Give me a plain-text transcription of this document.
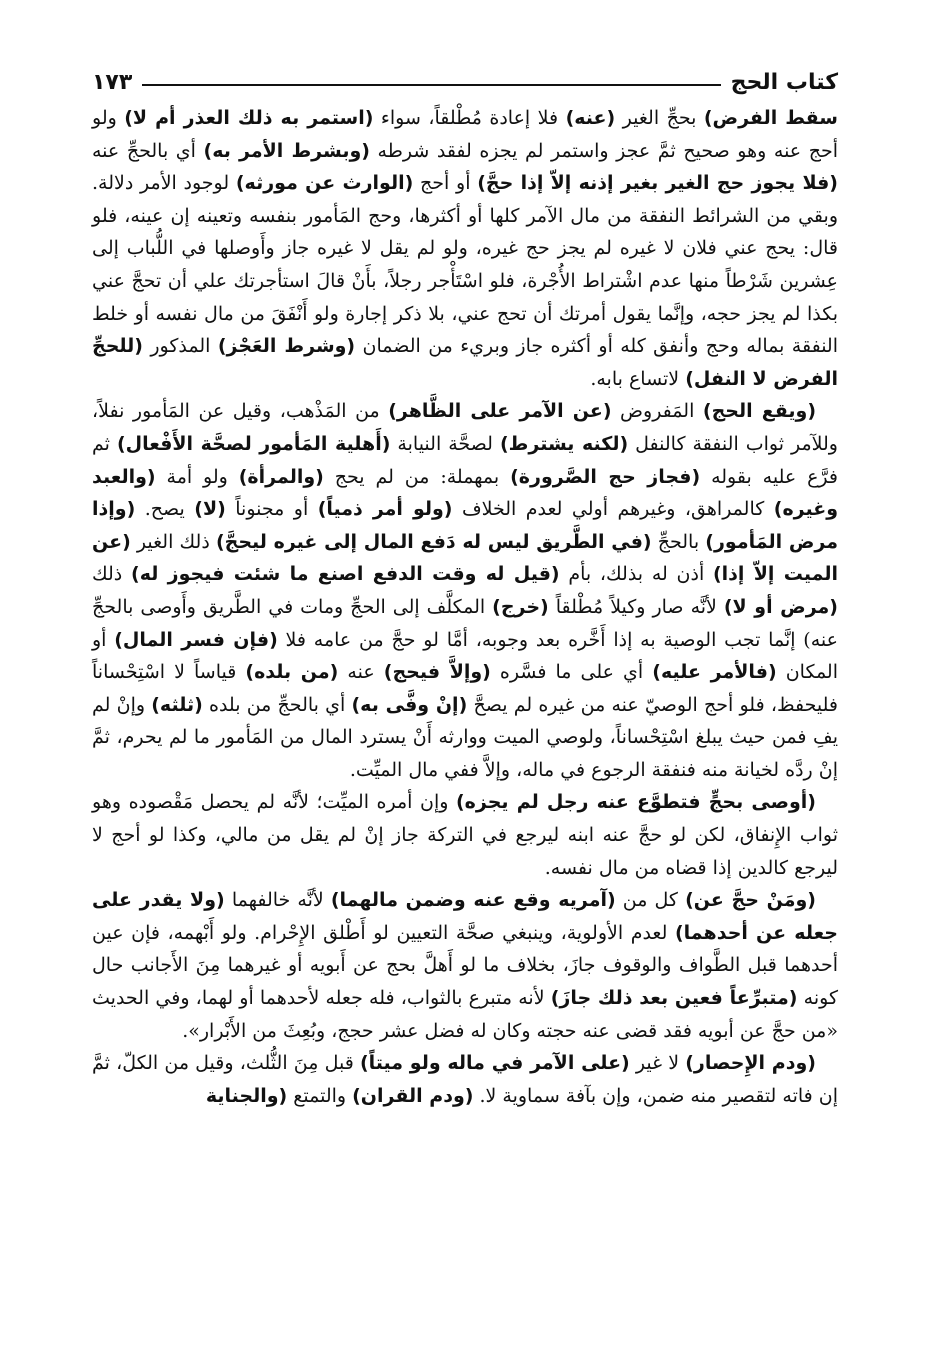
كتاب الحج
١٧٣

سقط الفرض) بحجِّ الغير (عنه) فلا إعادة مُطْلقاً، سواء (استمر به ذلك العذر أم لا) ولو أحج عنه وهو صحيح ثمَّ عجز واستمر لم يجزه لفقد شرطه (وبشرط الأمر به) أي بالحجِّ عنه (فلا يجوز حج الغير بغير إذنه إلاّ إذا حجَّ) أو أحج (الوارث عن مورثه) لوجود الأمر دلالة. وبقي من الشرائط النفقة من مال الآمر كلها أو أكثرها، وحج المَأمور بنفسه وتعينه إن عينه، فلو قال: يحج عني فلان لا غيره لم يجز حج غيره، ولو لم يقل لا غيره جاز وأَوصلها في اللُّباب إلى عِشرين شَرْطاً منها عدم اشْتراط الأُجْرة، فلو اسْتَأْجر رجلاً، بأَنْ قالَ استأجرتك علي أن تحجَّ عني بكذا لم يجز حجه، وإنَّما يقول أمرتك أن تحج عني، بلا ذكر إجارة ولو أَنْفَقَ من مال نفسه أو خلط النفقة بماله وحج وأنفق كله أو أكثره جاز وبريء من الضمان (وشرط العَجْز) المذكور (للحجِّ الفرض لا النفل) لاتساع بابه.

(ويقع الحج) المَفروض (عن الآمر على الظَّاهر) من المَذْهب، وقيل عن المَأمور نفلاً، وللآمر ثواب النفقة كالنفل (لكنه يشترط) لصحَّة النيابة (أَهلية المَأمور لصحَّة الأَفْعال) ثم فرَّع عليه بقوله (فجاز حج الصَّرورة) بمهملة: من لم يحج (والمرأة) ولو أمة (والعبد وغيره) كالمراهق، وغيرهم أولي لعدم الخلاف (ولو أمر ذمياً) أو مجنوناً (لا) يصح. (وإذا مرض المَأمور) بالحجِّ (في الطَّريق ليس له دَفع المال إلى غيره ليحجَّ) ذلك الغير (عن الميت إلاّ إذا) أذن له بذلك، بأم (قيل له وقت الدفع اصنع ما شئت فيجوز له) ذلك (مرض أو لا) لأنَّه صار وكيلاً مُطْلقاً (خرج) المكلَّف إلى الحجِّ ومات في الطَّريق وأَوصى بالحجِّ عنه) إنَّما تجب الوصية به إذا أَخَّره بعد وجوبه، أمَّا لو حجَّ من عامه فلا (فإن فسر المال) أو المكان (فالأمر عليه) أي على ما فسَّره (وإلاَّ فيحج) عنه (من بلده) قياساً لا اسْتِحْساناً فليحفظ، فلو أحج الوصيّ عنه من غيره لم يصحَّ (إنْ وفَّى به) أي بالحجِّ من بلده (ثلثه) وإنْ لم يفِ فمن حيث يبلغ اسْتِحْساناً، ولوصي الميت ووارثه أَنْ يسترد المال من المَأمور ما لم يحرم، ثمَّ إنْ ردَّه لخيانة منه فنفقة الرجوع في ماله، وإلاَّ ففي مال الميِّت.

(أوصى بحجٍّ فتطوَّع عنه رجل لم يجزه) وإن أمره الميِّت؛ لأنَّه لم يحصل مَقْصوده وهو ثواب الإِنفاق، لكن لو حجَّ عنه ابنه ليرجع في التركة جاز إنْ لم يقل من مالي، وكذا لو أحج لا ليرجع كالدين إذا قضاه من مال نفسه.

(ومَنْ حجَّ عن) كل من (آمريه وقع عنه وضمن مالهما) لأنَّه خالفهما (ولا يقدر على جعله عن أحدهما) لعدم الأولوية، وينبغي صحَّة التعيين لو أَطْلق الإِحْرام. ولو أَبْهمه، فإن عين أحدهما قبل الطَّواف والوقوف جازَ، بخلاف ما لو أَهلَّ بحج عن أَبويه أو غيرهما مِنَ الأَجانب حال كونه (متبرِّعاً فعين بعد ذلك جازَ) لأنه متبرع بالثواب، فله جعله لأحدهما أو لهما، وفي الحديث «من حجَّ عن أبويه فقد قضى عنه حجته وكان له فضل عشر حجج، وبُعِثَ من الأَبْرار».

(ودم الإِحصار) لا غير (على الآمر في ماله ولو ميتاً) قبل مِنَ الثُّلث، وقيل من الكلّ، ثمَّ إن فاته لتقصير منه ضمن، وإن بآفة سماوية لا. (ودم القران) والتمتع (والجناية
